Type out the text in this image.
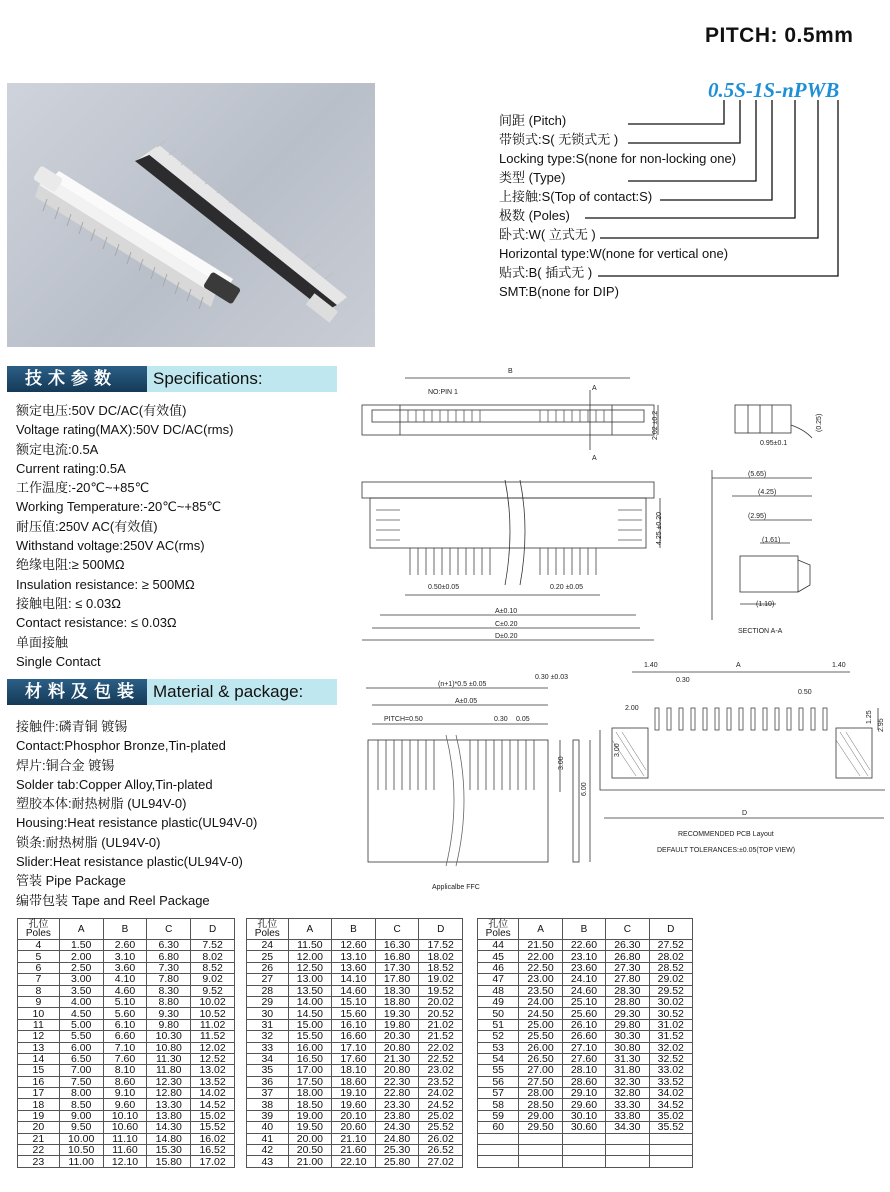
PITCH: 0.5mm
0.5S-1S-nPWB
间距 (Pitch)
带锁式:S( 无锁式无 )
Locking type:S(none for non-locking one)
类型 (Type)
上接触:S(Top of contact:S)
极数 (Poles)
卧式:W( 立式无 )
Horizontal type:W(none for vertical one)
贴式:B( 插式无 )
SMT:B(none for DIP)
技术参数	Specifications:
额定电压:50V DC/AC(有效值)
Voltage rating(MAX):50V DC/AC(rms)
额定电流:0.5A
Current rating:0.5A
工作温度:-20℃~+85℃
Working Temperature:-20℃~+85℃
耐压值:250V AC(有效值)
Withstand voltage:250V AC(rms)
绝缘电阻:≥ 500MΩ
Insulation resistance: ≥ 500MΩ
接触电阻: ≤ 0.03Ω
Contact resistance: ≤ 0.03Ω
单面接触
Single Contact
材料及包装 Material & package:
接触件:磷青铜 镀锡
Contact:Phosphor Bronze,Tin-plated
焊片:铜合金 镀锡
Solder tab:Copper Alloy,Tin-plated
塑胶本体:耐热树脂 (UL94V-0)
Housing:Heat resistance plastic(UL94V-0)
锁条:耐热树脂 (UL94V-0)
Slider:Heat resistance plastic(UL94V-0)
管装 Pipe Package
编带包装 Tape and Reel Package
B
NO:PIN 1
A
A
2.02 ±0.2	(0.25)
0.95±0.1
(5.65)
(4.25)
(2.95)
(1.61)
(1.10)
4.25 ±0.20
0.50±0.05	0.20 ±0.05
A±0.10
C±0.20
D±0.20
SECTION A-A
(n+1)*0.5 ±0.05
A±0.05
PITCH=0.50	0.30 0.05
0.30 ±0.03
3.00
6.00
Applicalbe FFC
1.40	A	1.40
0.30
0.50
2.00
1.25
2.95
3.00
D
RECOMMENDED PCB Layout
DEFAULT TOLERANCES:±0.05(TOP VIEW)
孔位
Poles	A	B	C	D
4	1.50	2.60	6.30	7.52
5	2.00	3.10	6.80	8.02
6	2.50	3.60	7.30	8.52
7	3.00	4.10	7.80	9.02
8	3.50	4.60	8.30	9.52
9	4.00	5.10	8.80	10.02
10	4.50	5.60	9.30	10.52
11	5.00	6.10	9.80	11.02
12	5.50	6.60	10.30	11.52
13	6.00	7.10	10.80	12.02
14	6.50	7.60	11.30	12.52
15	7.00	8.10	11.80	13.02
16	7.50	8.60	12.30	13.52
17	8.00	9.10	12.80	14.02
18	8.50	9.60	13.30	14.52
19	9.00	10.10	13.80	15.02
20	9.50	10.60	14.30	15.52
21	10.00	11.10	14.80	16.02
22	10.50	11.60	15.30	16.52
23	11.00	12.10	15.80	17.02
孔位
Poles	A	B	C	D
24	11.50	12.60	16.30	17.52
25	12.00	13.10	16.80	18.02
26	12.50	13.60	17.30	18.52
27	13.00	14.10	17.80	19.02
28	13.50	14.60	18.30	19.52
29	14.00	15.10	18.80	20.02
30	14.50	15.60	19.30	20.52
31	15.00	16.10	19.80	21.02
32	15.50	16.60	20.30	21.52
33	16.00	17.10	20.80	22.02
34	16.50	17.60	21.30	22.52
35	17.00	18.10	20.80	23.02
36	17.50	18.60	22.30	23.52
37	18.00	19.10	22.80	24.02
38	18.50	19.60	23.30	24.52
39	19.00	20.10	23.80	25.02
40	19.50	20.60	24.30	25.52
41	20.00	21.10	24.80	26.02
42	20.50	21.60	25.30	26.52
43	21.00	22.10	25.80	27.02
孔位
Poles	A	B	C	D
44	21.50	22.60	26.30	27.52
45	22.00	23.10	26.80	28.02
46	22.50	23.60	27.30	28.52
47	23.00	24.10	27.80	29.02
48	23.50	24.60	28.30	29.52
49	24.00	25.10	28.80	30.02
50	24.50	25.60	29.30	30.52
51	25.00	26.10	29.80	31.02
52	25.50	26.60	30.30	31.52
53	26.00	27.10	30.80	32.02
54	26.50	27.60	31.30	32.52
55	27.00	28.10	31.80	33.02
56	27.50	28.60	32.30	33.52
57	28.00	29.10	32.80	34.02
58	28.50	29.60	33.30	34.52
59	29.00	30.10	33.80	35.02
60	29.50	30.60	34.30	35.52
